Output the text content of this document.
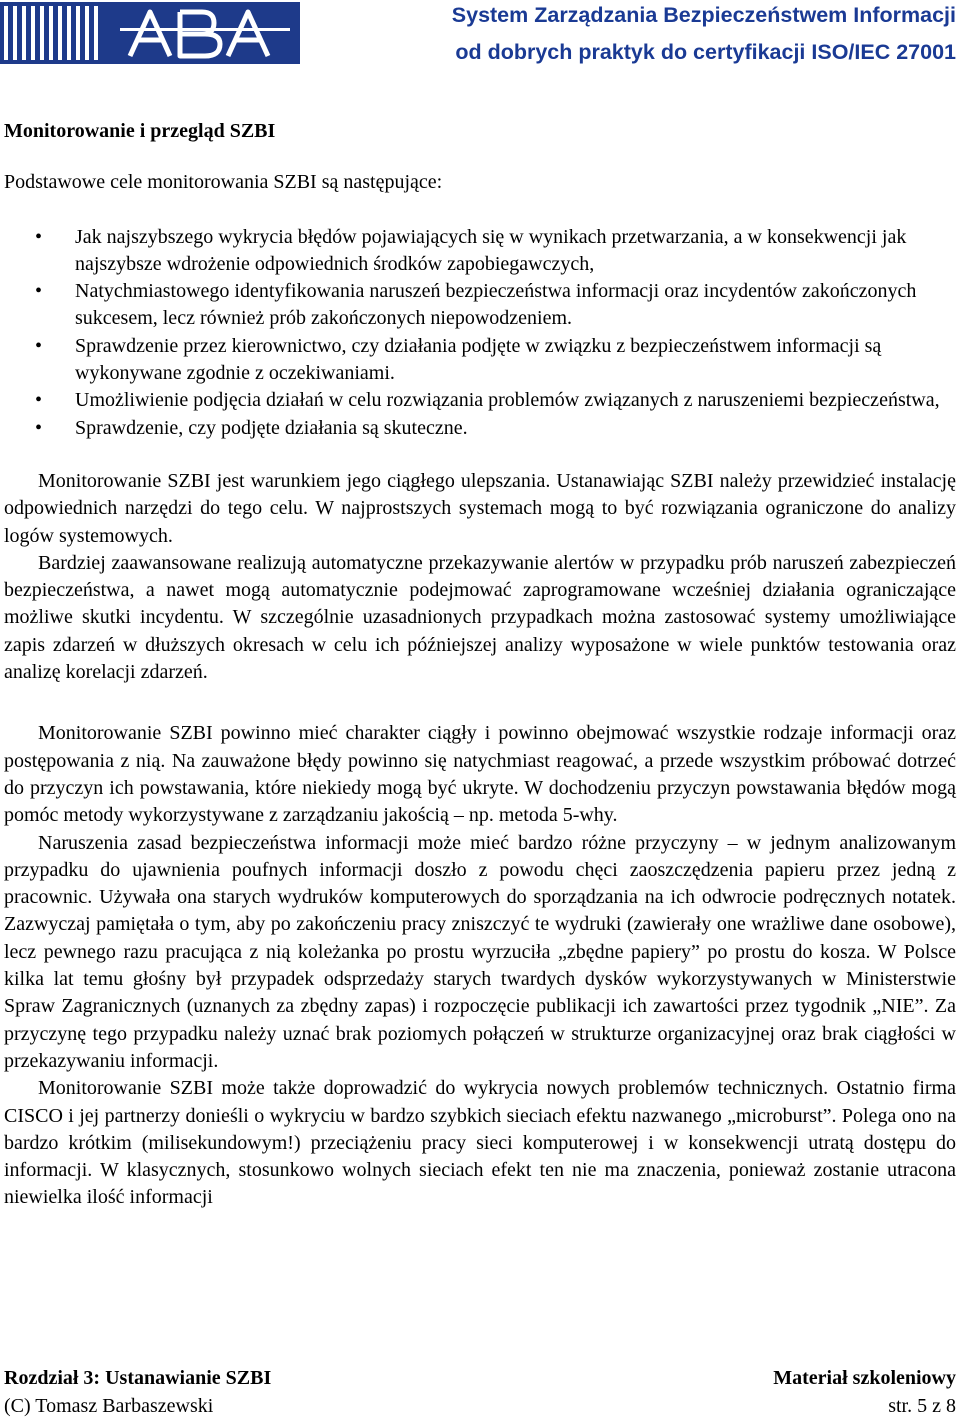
System Zarządzania Bezpieczeństwem Informacji
od dobrych praktyk do certyfikacji ISO/IEC 27001

Monitorowanie i przegląd SZBI

Podstawowe cele monitorowania SZBI są następujące:

• Jak najszybszego wykrycia błędów pojawiających się w wynikach przetwarzania, a w konsekwencji jak najszybsze wdrożenie odpowiednich środków zapobiegawczych,
• Natychmiastowego identyfikowania naruszeń bezpieczeństwa informacji oraz incydentów zakończonych sukcesem, lecz również prób zakończonych niepowodzeniem.
• Sprawdzenie przez kierownictwo, czy działania podjęte w związku z bezpieczeństwem informacji są wykonywane zgodnie z oczekiwaniami.
• Umożliwienie podjęcia działań w celu rozwiązania problemów związanych z naruszeniemi bezpieczeństwa,
• Sprawdzenie, czy podjęte działania są skuteczne.

Monitorowanie SZBI jest warunkiem jego ciągłego ulepszania. Ustanawiając SZBI należy przewidzieć instalację odpowiednich narzędzi do tego celu. W najprostszych systemach mogą to być rozwiązania ograniczone do analizy logów systemowych.

Bardziej zaawansowane realizują automatyczne przekazywanie alertów w przypadku prób naruszeń zabezpieczeń bezpieczeństwa, a nawet mogą automatycznie podejmować zaprogramowane wcześniej działania ograniczające możliwe skutki incydentu. W szczególnie uzasadnionych przypadkach można zastosować systemy umożliwiające zapis zdarzeń w dłuższych okresach w celu ich późniejszej analizy wyposażone w wiele punktów testowania oraz analizę korelacji zdarzeń.

Monitorowanie SZBI powinno mieć charakter ciągły i powinno obejmować wszystkie rodzaje informacji oraz postępowania z nią. Na zauważone błędy powinno się natychmiast reagować, a przede wszystkim próbować dotrzeć do przyczyn ich powstawania, które niekiedy mogą być ukryte. W dochodzeniu przyczyn powstawania błędów mogą pomóc metody wykorzystywane z zarządzaniu jakością – np. metoda 5-why.

Naruszenia zasad bezpieczeństwa informacji może mieć bardzo różne przyczyny – w jednym analizowanym przypadku do ujawnienia poufnych informacji doszło z powodu chęci zaoszczędzenia papieru przez jedną z pracownic. Używała ona starych wydruków komputerowych do sporządzania na ich odwrocie podręcznych notatek. Zazwyczaj pamiętała o tym, aby po zakończeniu pracy zniszczyć te wydruki (zawierały one wrażliwe dane osobowe), lecz pewnego razu pracująca z nią koleżanka po prostu wyrzuciła „zbędne papiery” po prostu do kosza. W Polsce kilka lat temu głośny był przypadek odsprzedaży starych twardych dysków wykorzystywanych w Ministerstwie Spraw Zagranicznych (uznanych za zbędny zapas) i rozpoczęcie publikacji ich zawartości przez tygodnik „NIE”. Za przyczynę tego przypadku należy uznać brak poziomych połączeń w strukturze organizacyjnej oraz brak ciągłości w przekazywaniu informacji.

Monitorowanie SZBI może także doprowadzić do wykrycia nowych problemów technicznych. Ostatnio firma CISCO i jej partnerzy donieśli o wykryciu w bardzo szybkich sieciach efektu nazwanego „microburst”. Polega ono na bardzo krótkim (milisekundowym!) przeciążeniu pracy sieci komputerowej i w konsekwencji utratą dostępu do informacji. W klasycznych, stosunkowo wolnych sieciach efekt ten nie ma znaczenia, ponieważ zostanie utracona niewielka ilość informacji

Rozdział 3: Ustanawianie SZBI	Materiał szkoleniowy
(C) Tomasz Barbaszewski	str. 5 z 8
